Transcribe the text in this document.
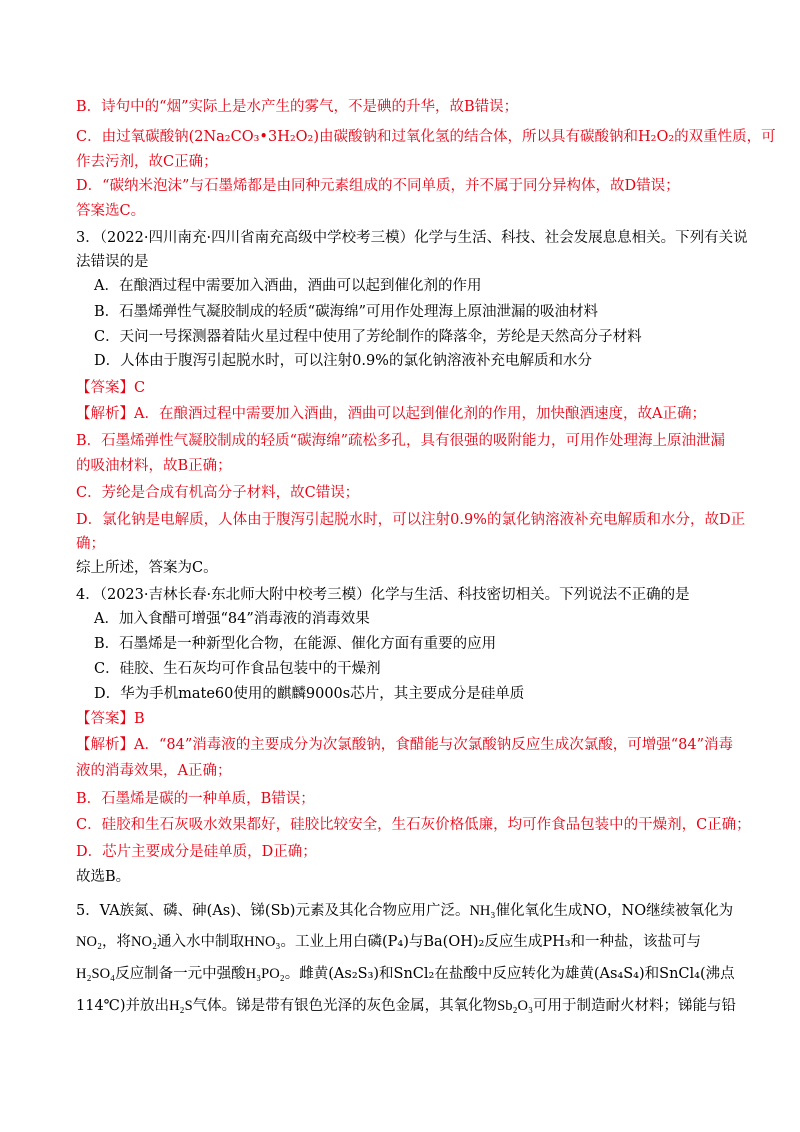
B．诗句中的“烟”实际上是水产生的雾气，不是碘的升华，故B错误；
C．由过氧碳酸钠(2Na₂CO₃•3H₂O₂)由碳酸钠和过氧化氢的结合体，所以具有碳酸钠和H₂O₂的双重性质，可
作去污剂，故C正确；
D．“碳纳米泡沫”与石墨烯都是由同种元素组成的不同单质，并不属于同分异构体，故D错误；
答案选C。
3．（2022·四川南充·四川省南充高级中学校考三模）化学与生活、科技、社会发展息息相关。下列有关说
法错误的是
A．在酿酒过程中需要加入酒曲，酒曲可以起到催化剂的作用
B．石墨烯弹性气凝胶制成的轻质“碳海绵”可用作处理海上原油泄漏的吸油材料
C．天问一号探测器着陆火星过程中使用了芳纶制作的降落伞，芳纶是天然高分子材料
D．人体由于腹泻引起脱水时，可以注射0.9%的氯化钠溶液补充电解质和水分
【答案】C
【解析】A．在酿酒过程中需要加入酒曲，酒曲可以起到催化剂的作用，加快酿酒速度，故A正确；
B．石墨烯弹性气凝胶制成的轻质“碳海绵”疏松多孔，具有很强的吸附能力，可用作处理海上原油泄漏
的吸油材料，故B正确；
C．芳纶是合成有机高分子材料，故C错误；
D．氯化钠是电解质，人体由于腹泻引起脱水时，可以注射0.9%的氯化钠溶液补充电解质和水分，故D正
确；
综上所述，答案为C。
4．（2023·吉林长春·东北师大附中校考三模）化学与生活、科技密切相关。下列说法不正确的是
A．加入食醋可增强“84”消毒液的消毒效果
B．石墨烯是一种新型化合物，在能源、催化方面有重要的应用
C．硅胶、生石灰均可作食品包装中的干燥剂
D．华为手机mate60使用的麒麟9000s芯片，其主要成分是硅单质
【答案】B
【解析】A．“84”消毒液的主要成分为次氯酸钠，食醋能与次氯酸钠反应生成次氯酸，可增强“84”消毒
液的消毒效果，A正确；
B．石墨烯是碳的一种单质，B错误；
C．硅胶和生石灰吸水效果都好，硅胶比较安全，生石灰价格低廉，均可作食品包装中的干燥剂，C正确；
D．芯片主要成分是硅单质，D正确；
故选B。
5．VA族氮、磷、砷(As)、锑(Sb)元素及其化合物应用广泛。NH₃催化氧化生成NO，NO继续被氧化为
NO₂，将NO₂通入水中制取HNO₃。工业上用白磷(P₄)与Ba(OH)₂反应生成PH₃和一种盐，该盐可与
H₂SO₄反应制备一元中强酸H₃PO₂。雌黄(As₂S₃)和SnCl₂在盐酸中反应转化为雄黄(As₄S₄)和SnCl₄(沸点
114℃)并放出H₂S气体。锑是带有银色光泽的灰色金属，其氧化物Sb₂O₃可用于制造耐火材料；锑能与铅
